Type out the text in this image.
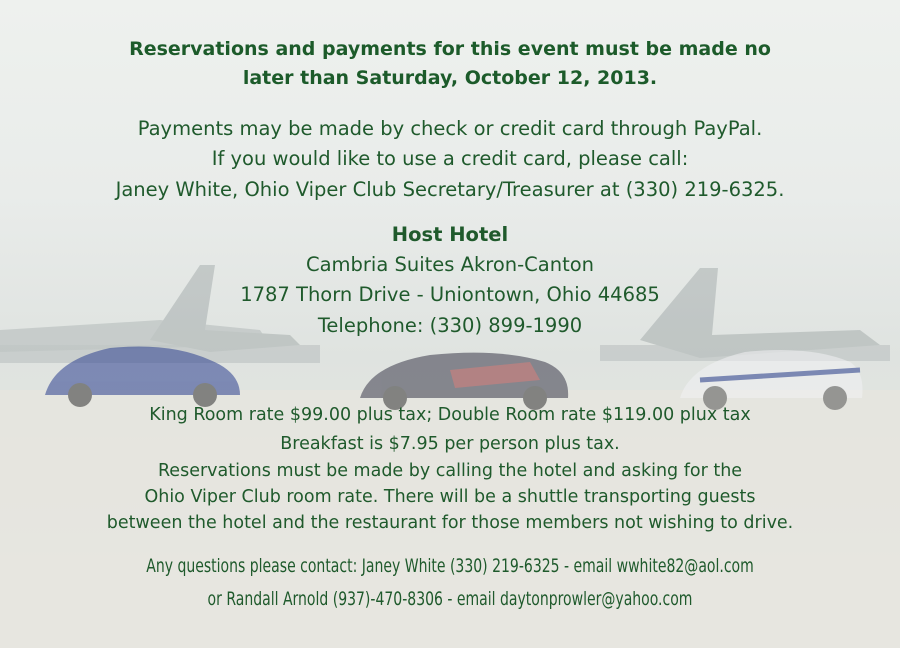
Reservations and payments for this event must be made no
later than Saturday, October 12, 2013.
Payments may be made by check or credit card through PayPal.
If you would like to use a credit card, please call:
Janey White, Ohio Viper Club Secretary/Treasurer at (330) 219-6325.
Host Hotel
Cambria Suites Akron-Canton
1787 Thorn Drive - Uniontown, Ohio 44685
Telephone: (330) 899-1990
King Room rate $99.00 plus tax; Double Room rate $119.00 plux tax
Breakfast is $7.95 per person plus tax.
Reservations must be made by calling the hotel and asking for the
Ohio Viper Club room rate. There will be a shuttle transporting guests
between the hotel and the restaurant for those members not wishing to drive.
Any questions please contact: Janey White (330) 219-6325 - email wwhite82@aol.com
or Randall Arnold (937)-470-8306 - email daytonprowler@yahoo.com
